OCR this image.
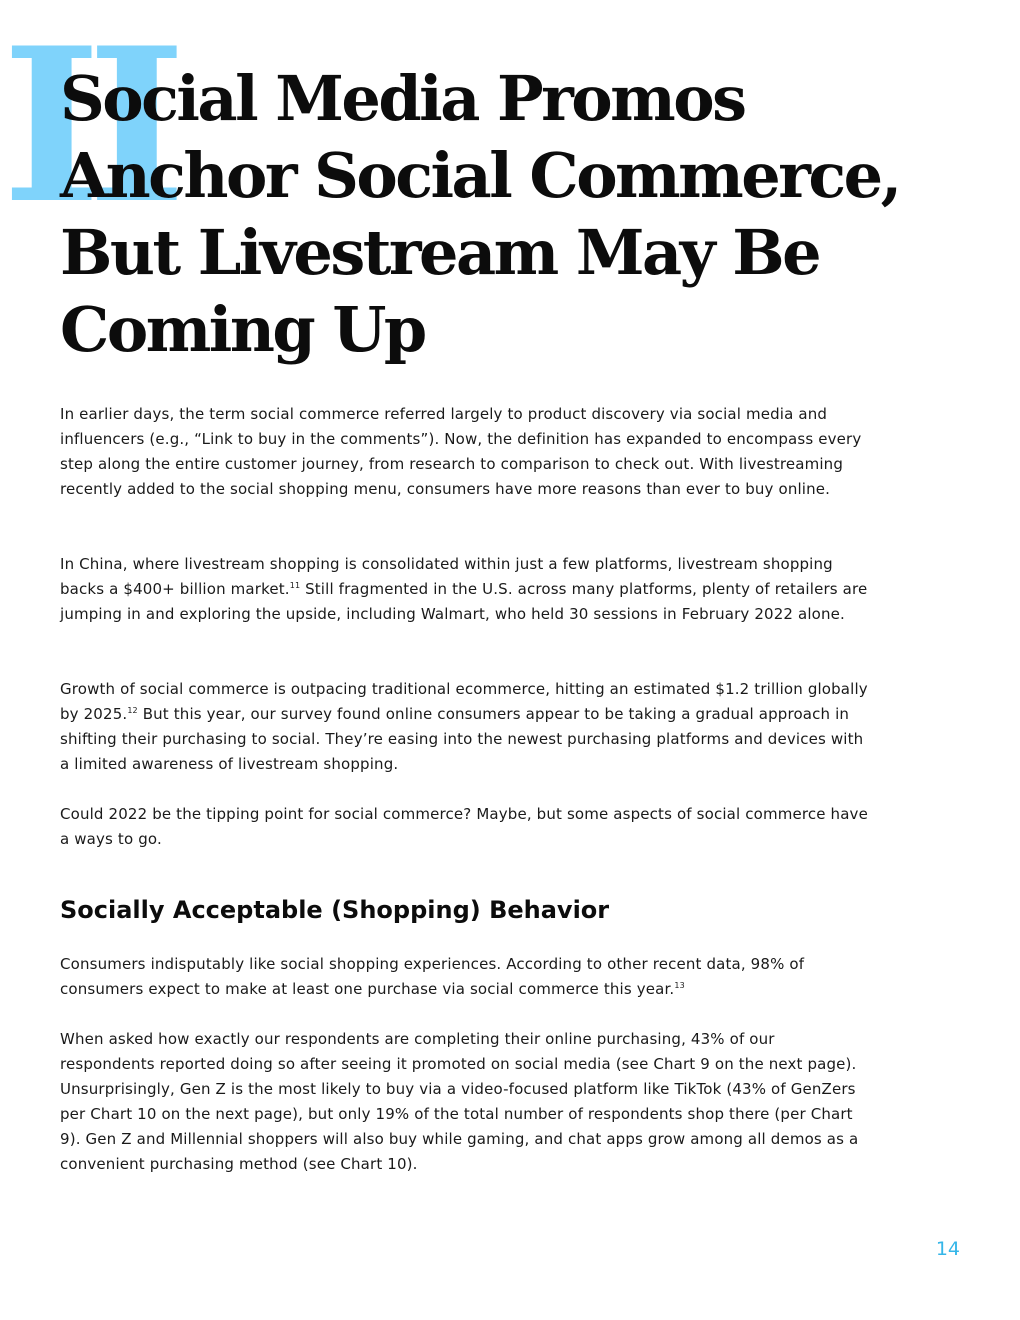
II
Social Media Promos Anchor Social Commerce, But Livestream May Be Coming Up

In earlier days, the term social commerce referred largely to product discovery via social media and influencers (e.g., “Link to buy in the comments”). Now, the definition has expanded to encompass every step along the entire customer journey, from research to comparison to check out. With livestreaming recently added to the social shopping menu, consumers have more reasons than ever to buy online.

In China, where livestream shopping is consolidated within just a few platforms, livestream shopping backs a $400+ billion market.$^{11}$ Still fragmented in the U.S. across many platforms, plenty of retailers are jumping in and exploring the upside, including Walmart, who held 30 sessions in February 2022 alone.

Growth of social commerce is outpacing traditional ecommerce, hitting an estimated $1.2 trillion globally by 2025.12 But this year, our survey found online consumers appear to be taking a gradual approach in shifting their purchasing to social. They’re easing into the newest purchasing platforms and devices with a limited awareness of livestream shopping.

Could 2022 be the tipping point for social commerce? Maybe, but some aspects of social commerce have a ways to go.

Socially Acceptable (Shopping) Behavior

Consumers indisputably like social shopping experiences. According to other recent data, 98% of consumers expect to make at least one purchase via social commerce this year.$^{13}$

When asked how exactly our respondents are completing their online purchasing, 43% of our respondents reported doing so after seeing it promoted on social media (see Chart 9 on the next page). Unsurprisingly, Gen Z is the most likely to buy via a video-focused platform like TikTok (43% of GenZers per Chart 10 on the next page), but only 19% of the total number of respondents shop there (per Chart 9). Gen Z and Millennial shoppers will also buy while gaming, and chat apps grow among all demos as a convenient purchasing method (see Chart 10).

14
